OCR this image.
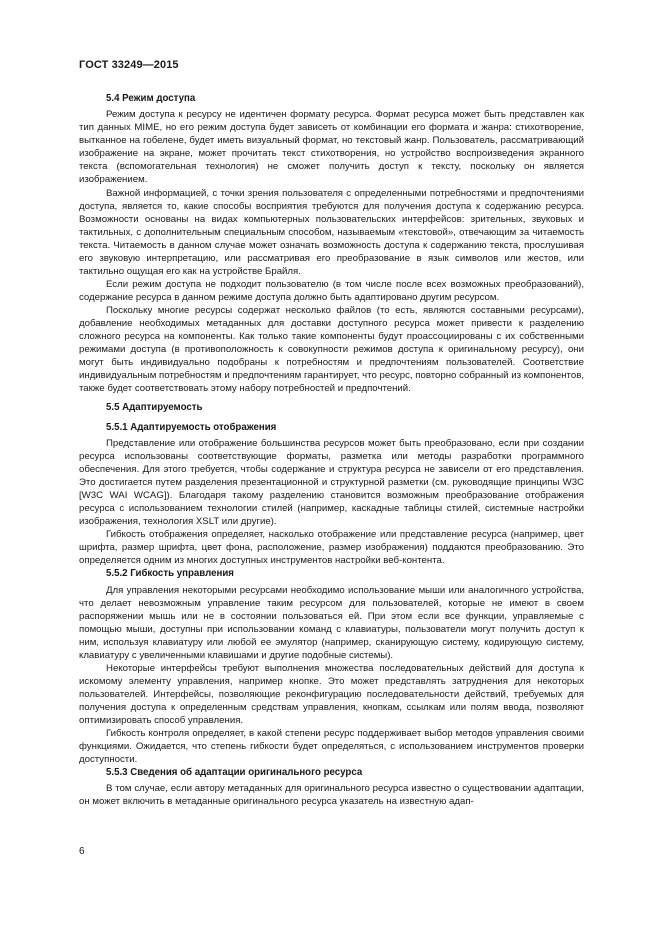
ГОСТ 33249—2015
5.4 Режим доступа

Режим доступа к ресурсу не идентичен формату ресурса. Формат ресурса может быть представлен как тип данных MIME, но его режим доступа будет зависеть от комбинации его формата и жанра: стихотворение, вытканное на гобелене, будет иметь визуальный формат, но текстовый жанр. Пользователь, рассматривающий изображение на экране, может прочитать текст стихотворения, но устройство воспроизведения экранного текста (вспомогательная технология) не сможет получить доступ к тексту, поскольку он является изображением.

Важной информацией, с точки зрения пользователя с определенными потребностями и предпочтениями доступа, является то, какие способы восприятия требуются для получения доступа к содержанию ресурса. Возможности основаны на видах компьютерных пользовательских интерфейсов: зрительных, звуковых и тактильных, с дополнительным специальным способом, называемым «текстовой», отвечающим за читаемость текста. Читаемость в данном случае может означать возможность доступа к содержанию текста, прослушивая его звуковую интерпретацию, или рассматривая его преобразование в язык символов или жестов, или тактильно ощущая его как на устройстве Брайля.

Если режим доступа не подходит пользователю (в том числе после всех возможных преобразований), содержание ресурса в данном режиме доступа должно быть адаптировано другим ресурсом.

Поскольку многие ресурсы содержат несколько файлов (то есть, являются составными ресурсами), добавление необходимых метаданных для доставки доступного ресурса может привести к разделению сложного ресурса на компоненты. Как только такие компоненты будут проассоциированы с их собственными режимами доступа (в противоположность к совокупности режимов доступа к оригинальному ресурсу), они могут быть индивидуально подобраны к потребностям и предпочтениям пользователей. Соответствие индивидуальным потребностям и предпочтениям гарантирует, что ресурс, повторно собранный из компонентов, также будет соответствовать этому набору потребностей и предпочтений.

5.5 Адаптируемость
5.5.1 Адаптируемость отображения

Представление или отображение большинства ресурсов может быть преобразовано, если при создании ресурса использованы соответствующие форматы, разметка или методы разработки программного обеспечения. Для этого требуется, чтобы содержание и структура ресурса не зависели от его представления. Это достигается путем разделения презентационной и структурной разметки (см. руководящие принципы W3C [W3C WAI WCAG]). Благодаря такому разделению становится возможным преобразование отображения ресурса с использованием технологии стилей (например, каскадные таблицы стилей, системные настройки изображения, технология XSLT или другие).

Гибкость отображения определяет, насколько отображение или представление ресурса (например, цвет шрифта, размер шрифта, цвет фона, расположение, размер изображения) поддаются преобразованию. Это определяется одним из многих доступных инструментов настройки веб-контента.

5.5.2 Гибкость управления

Для управления некоторыми ресурсами необходимо использование мыши или аналогичного устройства, что делает невозможным управление таким ресурсом для пользователей, которые не имеют в своем распоряжении мышь или не в состоянии пользоваться ей. При этом если все функции, управляемые с помощью мыши, доступны при использовании команд с клавиатуры, пользователи могут получить доступ к ним, используя клавиатуру или любой ее эмулятор (например, сканирующую систему, кодирующую систему, клавиатуру с увеличенными клавишами и другие подобные системы).

Некоторые интерфейсы требуют выполнения множества последовательных действий для доступа к искомому элементу управления, например кнопке. Это может представлять затруднения для некоторых пользователей. Интерфейсы, позволяющие реконфигурацию последовательности действий, требуемых для получения доступа к определенным средствам управления, кнопкам, ссылкам или полям ввода, позволяют оптимизировать способ управления.

Гибкость контроля определяет, в какой степени ресурс поддерживает выбор методов управления своими функциями. Ожидается, что степень гибкости будет определяться, с использованием инструментов проверки доступности.

5.5.3 Сведения об адаптации оригинального ресурса

В том случае, если автору метаданных для оригинального ресурса известно о существовании адаптации, он может включить в метаданные оригинального ресурса указатель на известную адап-

6
